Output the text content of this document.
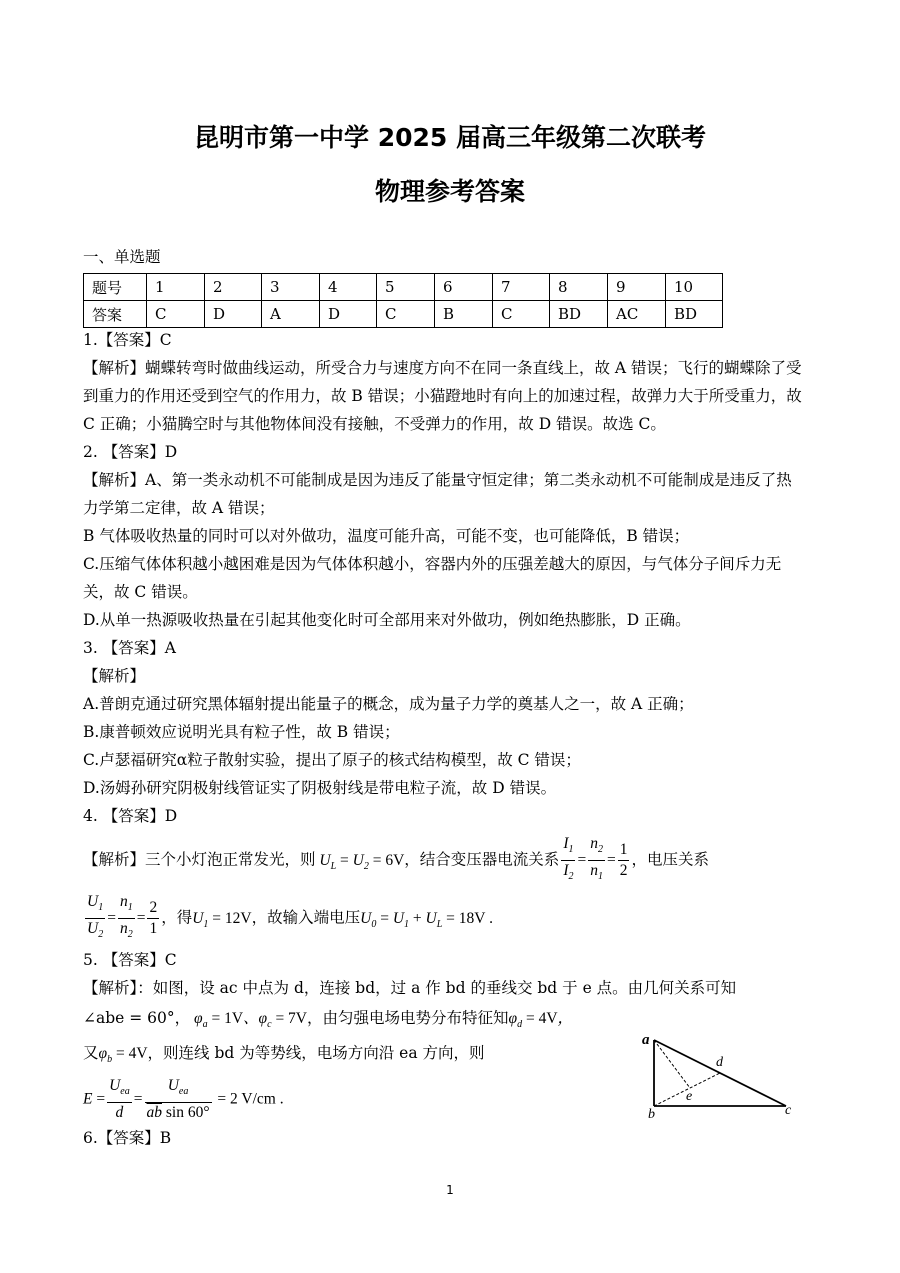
昆明市第一中学 2025 届高三年级第二次联考
物理参考答案
一、单选题
题号	1	2	3	4	5	6	7	8	9	10
答案	C	D	A	D	C	B	C	BD	AC	BD
1.【答案】C
【解析】蝴蝶转弯时做曲线运动，所受合力与速度方向不在同一条直线上，故 A 错误；飞行的蝴蝶除了受
到重力的作用还受到空气的作用力，故 B 错误；小猫蹬地时有向上的加速过程，故弹力大于所受重力，故
C 正确；小猫腾空时与其他物体间没有接触，不受弹力的作用，故 D 错误。故选 C。
2. 【答案】D
【解析】A、第一类永动机不可能制成是因为违反了能量守恒定律；第二类永动机不可能制成是违反了热
力学第二定律，故 A 错误；
B 气体吸收热量的同时可以对外做功，温度可能升高，可能不变，也可能降低，B 错误；
C.压缩气体体积越小越困难是因为气体体积越小，容器内外的压强差越大的原因，与气体分子间斥力无
关，故 C 错误。
D.从单一热源吸收热量在引起其他变化时可全部用来对外做功，例如绝热膨胀，D 正确。
3. 【答案】A
【解析】
A.普朗克通过研究黑体辐射提出能量子的概念，成为量子力学的奠基人之一，故 A 正确；
B.康普顿效应说明光具有粒子性，故 B 错误；
C.卢瑟福研究α粒子散射实验，提出了原子的核式结构模型，故 C 错误；
D.汤姆孙研究阴极射线管证实了阴极射线是带电粒子流，故 D 错误。
4. 【答案】D
【解析】三个小灯泡正常发光，则 $U_L = U_2 = 6V$，结合变压器电流关系 $\frac{I_1}{I_2} = \frac{n_2}{n_1} = \frac{1}{2}$ ，电压关系
$\frac{U_1}{U_2} = \frac{n_1}{n_2} = \frac{2}{1}$ ，得$U_1 = 12V$，故输入端电压$U_0 = U_1 + U_L = 18V$ .
5. 【答案】C
【解析】：如图，设 ac 中点为 d，连接 bd，过 a 作 bd 的垂线交 bd 于 e 点。由几何关系可知
∠abe = 60°， $\varphi_a = 1V$、$\varphi_c = 7V$，由匀强电场电势分布特征知$\varphi_d = 4V$，
又$\varphi_b = 4V$，则连线 bd 为等势线，电场方向沿 ea 方向，则
$E = \frac{U_{ea}}{d} = \frac{U_{ea}}{\overline{ab} \sin 60^\circ} = 2$ V/cm .
a
b	c
d
e
6.【答案】B
1
